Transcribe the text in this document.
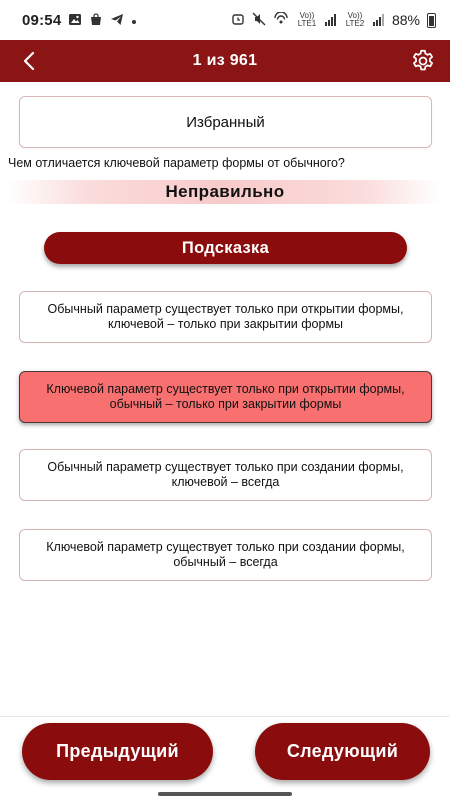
09:54	Vo)) LTE1
Vo)) LTE2 88%
1 из 961
Избранный
Чем отличается ключевой параметр формы от обычного?
Неправильно
Подсказка
Обычный параметр существует только при открытии формы, ключевой – только при закрытии формы
Ключевой параметр существует только при открытии формы, обычный – только при закрытии формы
Обычный параметр существует только при создании формы, ключевой – всегда
Ключевой параметр существует только при создании формы, обычный – всегда
Предыдущий	Следующий
